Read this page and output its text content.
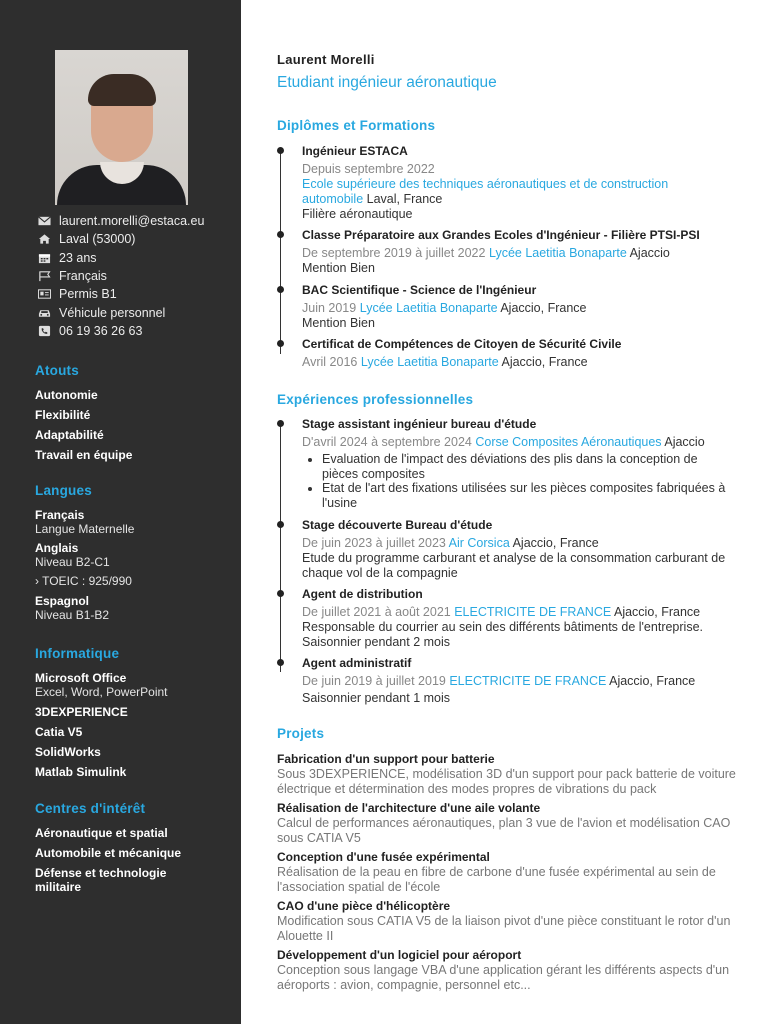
laurent.morelli@estaca.eu
Laval (53000)
23 ans
Français
Permis B1
Véhicule personnel
06 19 36 26 63
Atouts
Autonomie
Flexibilité
Adaptabilité
Travail en équipe
Langues
Français
Langue Maternelle
Anglais
Niveau B2-C1
› TOEIC : 925/990
Espagnol
Niveau B1-B2
Informatique
Microsoft Office
Excel, Word, PowerPoint
3DEXPERIENCE
Catia V5
SolidWorks
Matlab Simulink
Centres d'intérêt
Aéronautique et spatial
Automobile et mécanique
Défense et technologie militaire
Laurent Morelli
Etudiant ingénieur aéronautique
Diplômes et Formations
Ingénieur ESTACA
Depuis septembre 2022
Ecole supérieure des techniques aéronautiques et de construction automobile Laval, France
Filière aéronautique
Classe Préparatoire aux Grandes Ecoles d'Ingénieur - Filière PTSI-PSI
De septembre 2019 à juillet 2022 Lycée Laetitia Bonaparte Ajaccio
Mention Bien
BAC Scientifique - Science de l'Ingénieur
Juin 2019 Lycée Laetitia Bonaparte Ajaccio, France
Mention Bien
Certificat de Compétences de Citoyen de Sécurité Civile
Avril 2016 Lycée Laetitia Bonaparte Ajaccio, France
Expériences professionnelles
Stage assistant ingénieur bureau d'étude
D'avril 2024 à septembre 2024 Corse Composites Aéronautiques Ajaccio
• Evaluation de l'impact des déviations des plis dans la conception de pièces composites
• Etat de l'art des fixations utilisées sur les pièces composites fabriquées à l'usine
Stage découverte Bureau d'étude
De juin 2023 à juillet 2023 Air Corsica Ajaccio, France
Etude du programme carburant et analyse de la consommation carburant de chaque vol de la compagnie
Agent de distribution
De juillet 2021 à août 2021 ELECTRICITE DE FRANCE Ajaccio, France
Responsable du courrier au sein des différents bâtiments de l'entreprise.
Saisonnier pendant 2 mois
Agent administratif
De juin 2019 à juillet 2019 ELECTRICITE DE FRANCE Ajaccio, France
Saisonnier pendant 1 mois
Projets
Fabrication d'un support pour batterie
Sous 3DEXPERIENCE, modélisation 3D d'un support pour pack batterie de voiture électrique et détermination des modes propres de vibrations du pack
Réalisation de l'architecture d'une aile volante
Calcul de performances aéronautiques, plan 3 vue de l'avion et modélisation CAO sous CATIA V5
Conception d'une fusée expérimental
Réalisation de la peau en fibre de carbone d'une fusée expérimental au sein de l'association spatial de l'école
CAO d'une pièce d'hélicoptère
Modification sous CATIA V5 de la liaison pivot d'une pièce constituant le rotor d'un Alouette II
Développement d'un logiciel pour aéroport
Conception sous langage VBA d'une application gérant les différents aspects d'un aéroports : avion, compagnie, personnel etc...
